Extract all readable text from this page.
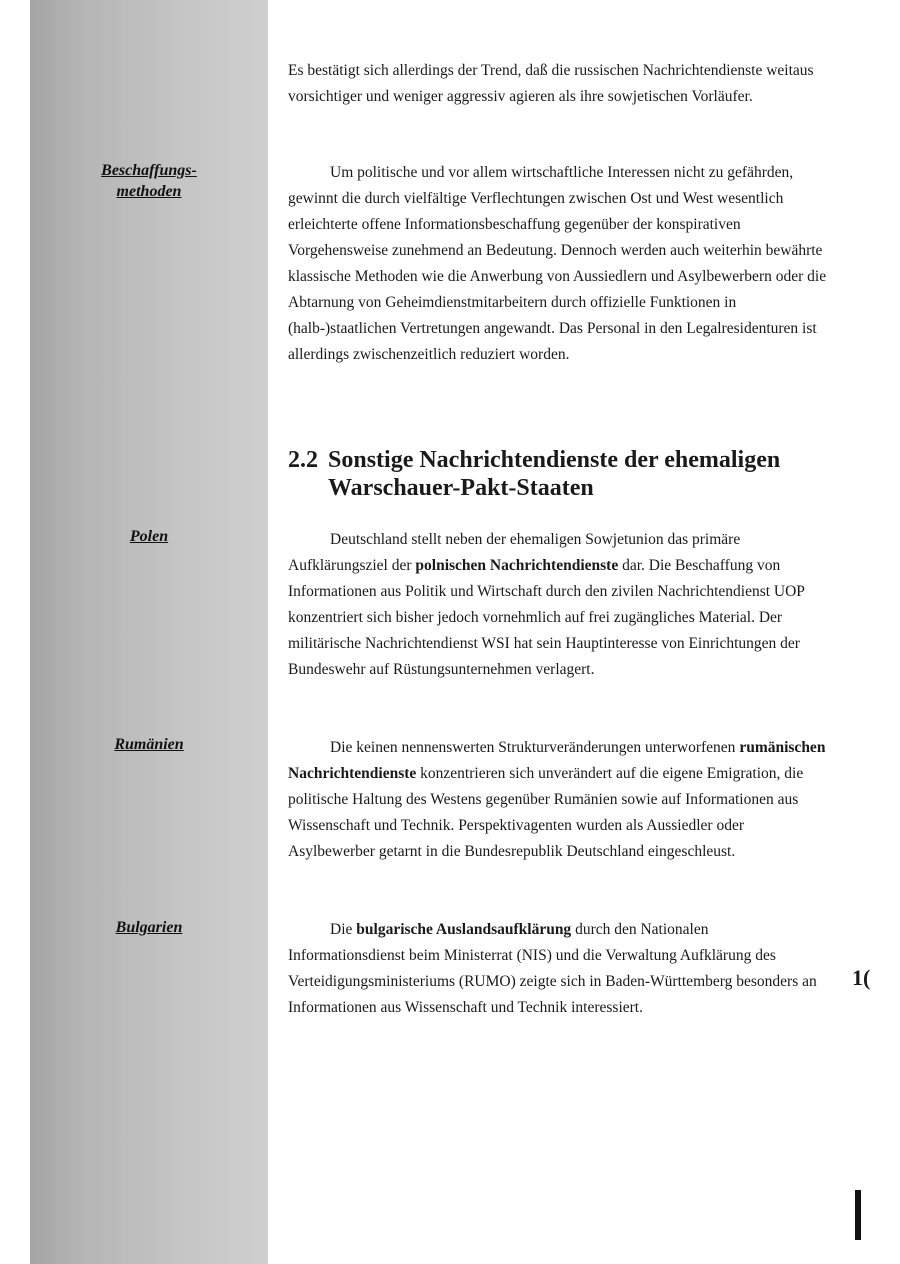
Beschaffungs-
methoden
Polen
Rumänien
Bulgarien

Es bestätigt sich allerdings der Trend, daß die russischen Nachrichtendienste weitaus vorsichtiger und weniger aggressiv agieren als ihre sowjetischen Vorläufer.

Um politische und vor allem wirtschaftliche Interessen nicht zu gefährden, gewinnt die durch vielfältige Verflechtungen zwischen Ost und West wesentlich erleichterte offene Informationsbeschaffung gegenüber der konspirativen Vorgehensweise zunehmend an Bedeutung. Dennoch werden auch weiterhin bewährte klassische Methoden wie die Anwerbung von Aussiedlern und Asylbewerbern oder die Abtarnung von Geheimdienstmitarbeitern durch offizielle Funktionen in (halb-)staatlichen Vertretungen angewandt. Das Personal in den Legalresidenturen ist allerdings zwischenzeitlich reduziert worden.

2.2 Sonstige Nachrichtendienste der ehemaligen
Warschauer-Pakt-Staaten

Deutschland stellt neben der ehemaligen Sowjetunion das primäre Aufklärungsziel der polnischen Nachrichtendienste dar. Die Beschaffung von Informationen aus Politik und Wirtschaft durch den zivilen Nachrichtendienst UOP konzentriert sich bisher jedoch vornehmlich auf frei zugängliches Material. Der militärische Nachrichtendienst WSI hat sein Hauptinteresse von Einrichtungen der Bundeswehr auf Rüstungsunternehmen verlagert.

Die keinen nennenswerten Strukturveränderungen unterworfenen rumänischen Nachrichtendienste konzentrieren sich unverändert auf die eigene Emigration, die politische Haltung des Westens gegenüber Rumänien sowie auf Informationen aus Wissenschaft und Technik. Perspektivagenten wurden als Aussiedler oder Asylbewerber getarnt in die Bundesrepublik Deutschland eingeschleust.

Die bulgarische Auslandsaufklärung durch den Nationalen Informationsdienst beim Ministerrat (NIS) und die Verwaltung Aufklärung des Verteidigungsministeriums (RUMO) zeigte sich in Baden-Württemberg besonders an Informationen aus Wissenschaft und Technik interessiert.

1(
